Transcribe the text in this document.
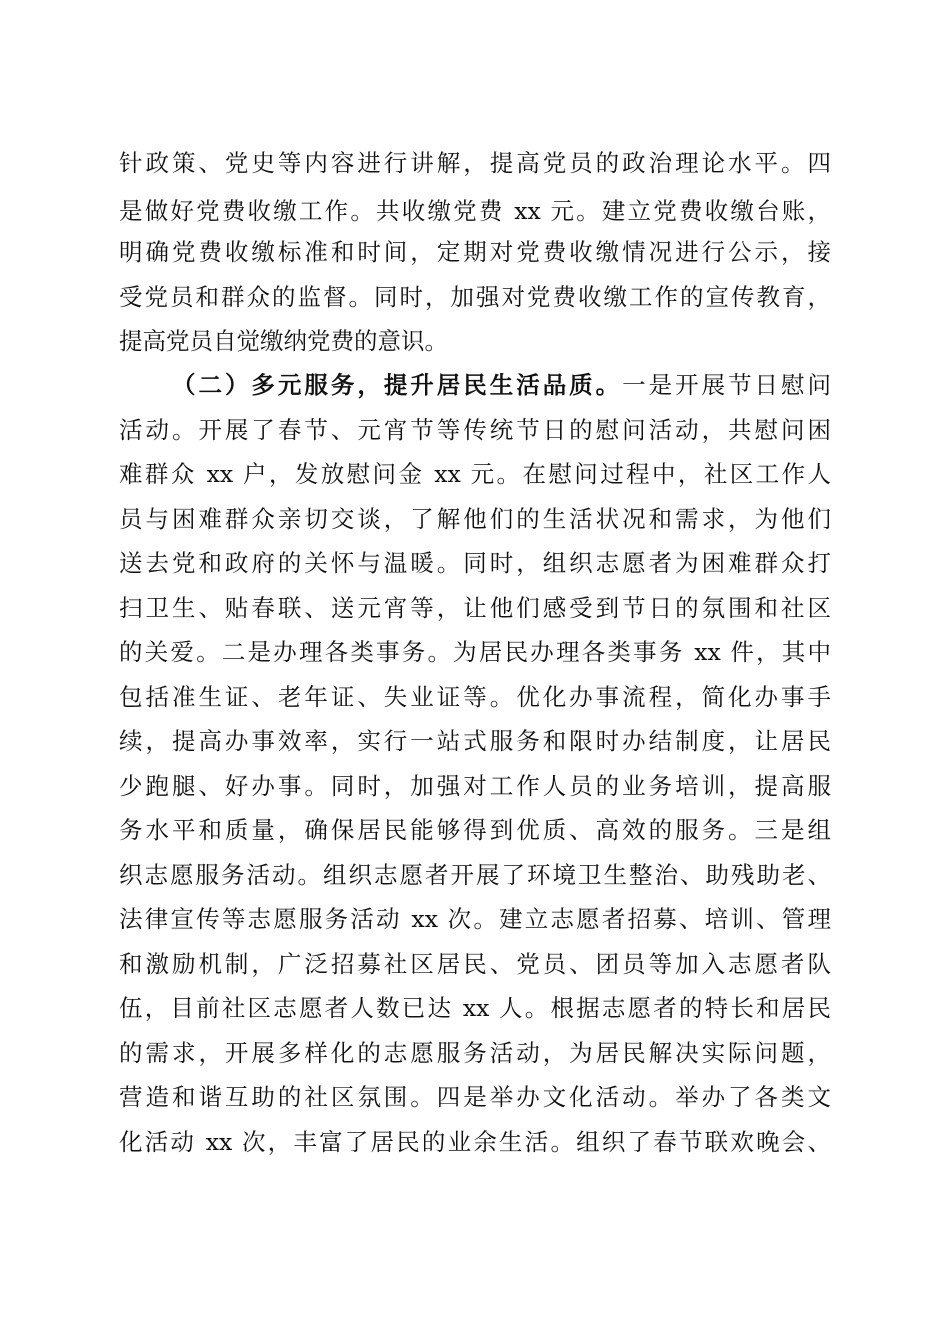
针政策、党史等内容进行讲解，提高党员的政治理论水平。四
是做好党费收缴工作。共收缴党费 xx 元。建立党费收缴台账，
明确党费收缴标准和时间，定期对党费收缴情况进行公示，接
受党员和群众的监督。同时，加强对党费收缴工作的宣传教育，
提高党员自觉缴纳党费的意识。
（二）多元服务，提升居民生活品质。一是开展节日慰问
活动。开展了春节、元宵节等传统节日的慰问活动，共慰问困
难群众 xx 户，发放慰问金 xx 元。在慰问过程中，社区工作人
员与困难群众亲切交谈，了解他们的生活状况和需求，为他们
送去党和政府的关怀与温暖。同时，组织志愿者为困难群众打
扫卫生、贴春联、送元宵等，让他们感受到节日的氛围和社区
的关爱。二是办理各类事务。为居民办理各类事务 xx 件，其中
包括准生证、老年证、失业证等。优化办事流程，简化办事手
续，提高办事效率，实行一站式服务和限时办结制度，让居民
少跑腿、好办事。同时，加强对工作人员的业务培训，提高服
务水平和质量，确保居民能够得到优质、高效的服务。三是组
织志愿服务活动。组织志愿者开展了环境卫生整治、助残助老、
法律宣传等志愿服务活动 xx 次。建立志愿者招募、培训、管理
和激励机制，广泛招募社区居民、党员、团员等加入志愿者队
伍，目前社区志愿者人数已达 xx 人。根据志愿者的特长和居民
的需求，开展多样化的志愿服务活动，为居民解决实际问题，
营造和谐互助的社区氛围。四是举办文化活动。举办了各类文
化活动 xx 次，丰富了居民的业余生活。组织了春节联欢晚会、
